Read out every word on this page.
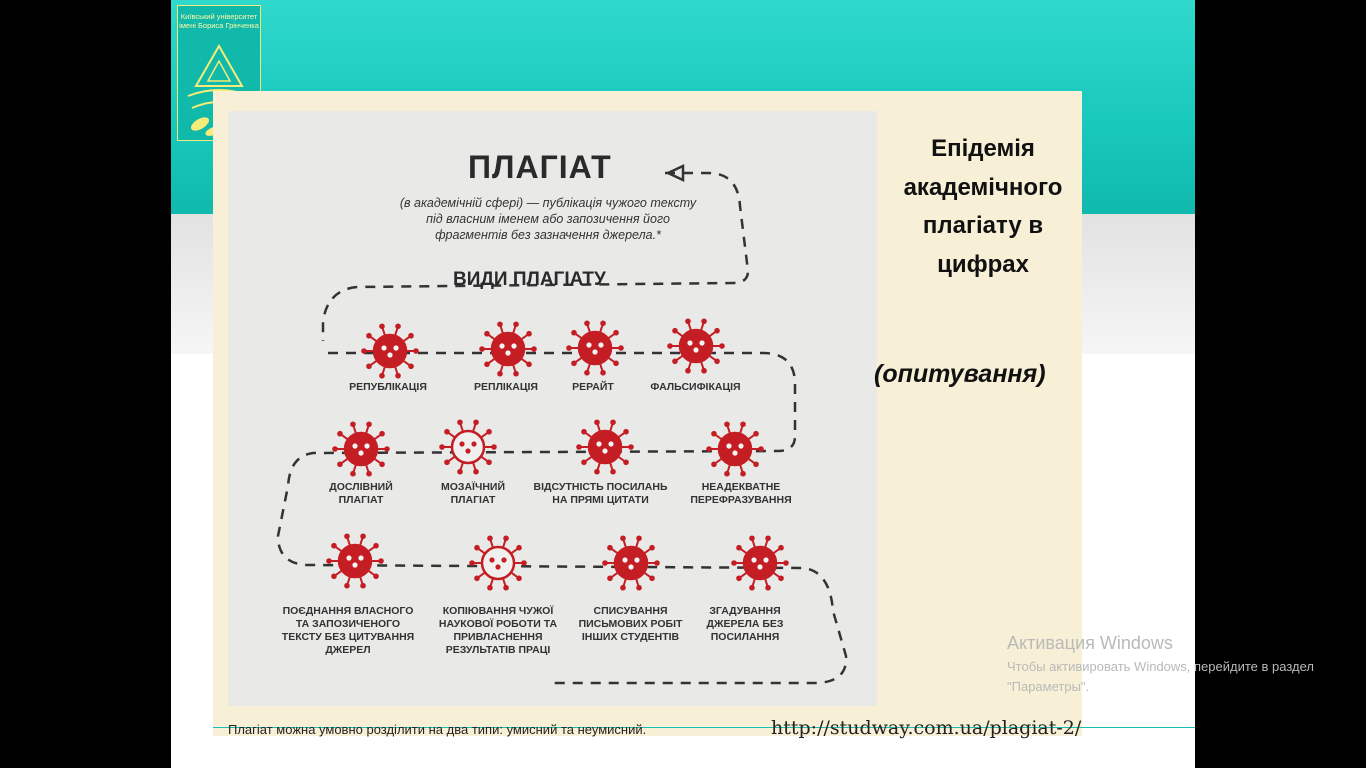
Київський університет імені Бориса Грінченка
ПЛАГІАТ
(в академічній сфері) — публікація чужого тексту під власним іменем або запозичення його фрагментів без зазначення джерела.*
ВИДИ ПЛАГІАТУ
РЕПУБЛІКАЦІЯ	РЕПЛІКАЦІЯ	РЕРАЙТ	ФАЛЬСИФІКАЦІЯ
ДОСЛІВНИЙ ПЛАГІАТ
МОЗАЇЧНИЙ ПЛАГІАТ
ВІДСУТНІСТЬ ПОСИЛАНЬ НА ПРЯМІ ЦИТАТИ
НЕАДЕКВАТНЕ ПЕРЕФРАЗУВАННЯ
ПОЄДНАННЯ ВЛАСНОГО ТА ЗАПОЗИЧЕНОГО ТЕКСТУ БЕЗ ЦИТУВАННЯ ДЖЕРЕЛ
КОПІЮВАННЯ ЧУЖОЇ НАУКОВОЇ РОБОТИ ТА ПРИВЛАСНЕННЯ РЕЗУЛЬТАТІВ ПРАЦІ
СПИСУВАННЯ ПИСЬМОВИХ РОБІТ ІНШИХ СТУДЕНТІВ
ЗГАДУВАННЯ ДЖЕРЕЛА БЕЗ ПОСИЛАННЯ
Епідемія академічного плагіату в цифрах
(опитування)
Плагіат можна умовно розділити на два типи: умисний та неумисний.	http://studway.com.ua/plagiat-2/
Активация Windows
Чтобы активировать Windows, перейдите в раздел "Параметры".
